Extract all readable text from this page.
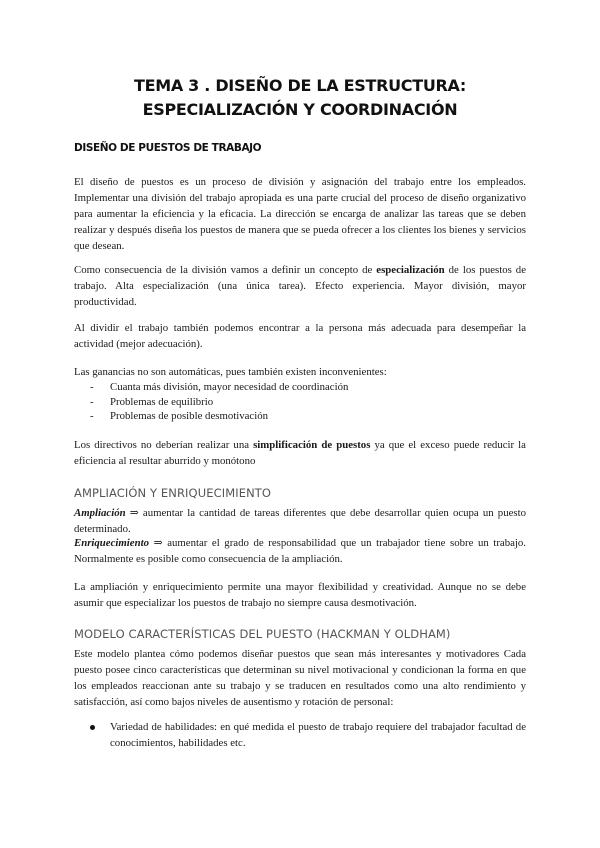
TEMA 3 . DISEÑO DE LA ESTRUCTURA: ESPECIALIZACIÓN Y COORDINACIÓN
DISEÑO DE PUESTOS DE TRABAJO

El diseño de puestos es un proceso de división y asignación del trabajo entre los empleados. Implementar una división del trabajo apropiada es una parte crucial del proceso de diseño organizativo para aumentar la eficiencia y la eficacia. La dirección se encarga de analizar las tareas que se deben realizar y después diseña los puestos de manera que se pueda ofrecer a los clientes los bienes y servicios que desean.

Como consecuencia de la división vamos a definir un concepto de especialización de los puestos de trabajo. Alta especialización (una única tarea). Efecto experiencia. Mayor división, mayor productividad.

Al dividir el trabajo también podemos encontrar a la persona más adecuada para desempeñar la actividad (mejor adecuación).

Las ganancias no son automáticas, pues también existen inconvenientes:

- Cuanta más división, mayor necesidad de coordinación
- Problemas de equilibrio
- Problemas de posible desmotivación

Los directivos no deberían realizar una simplificación de puestos ya que el exceso puede reducir la eficiencia al resultar aburrido y monótono

AMPLIACIÓN Y ENRIQUECIMIENTO

Ampliación ⇒ aumentar la cantidad de tareas diferentes que debe desarrollar quien ocupa un puesto determinado.

Enriquecimiento ⇒ aumentar el grado de responsabilidad que un trabajador tiene sobre un trabajo. Normalmente es posible como consecuencia de la ampliación.

La ampliación y enriquecimiento permite una mayor flexibilidad y creatividad. Aunque no se debe asumir que especializar los puestos de trabajo no siempre causa desmotivación.

MODELO CARACTERÍSTICAS DEL PUESTO (HACKMAN Y OLDHAM)

Este modelo plantea cómo podemos diseñar puestos que sean más interesantes y motivadores Cada puesto posee cinco características que determinan su nivel motivacional y condicionan la forma en que los empleados reaccionan ante su trabajo y se traducen en resultados como una alto rendimiento y satisfacción, así como bajos niveles de ausentismo y rotación de personal:

Variedad de habilidades: en qué medida el puesto de trabajo requiere del trabajador facultad de conocimientos, habilidades etc.
